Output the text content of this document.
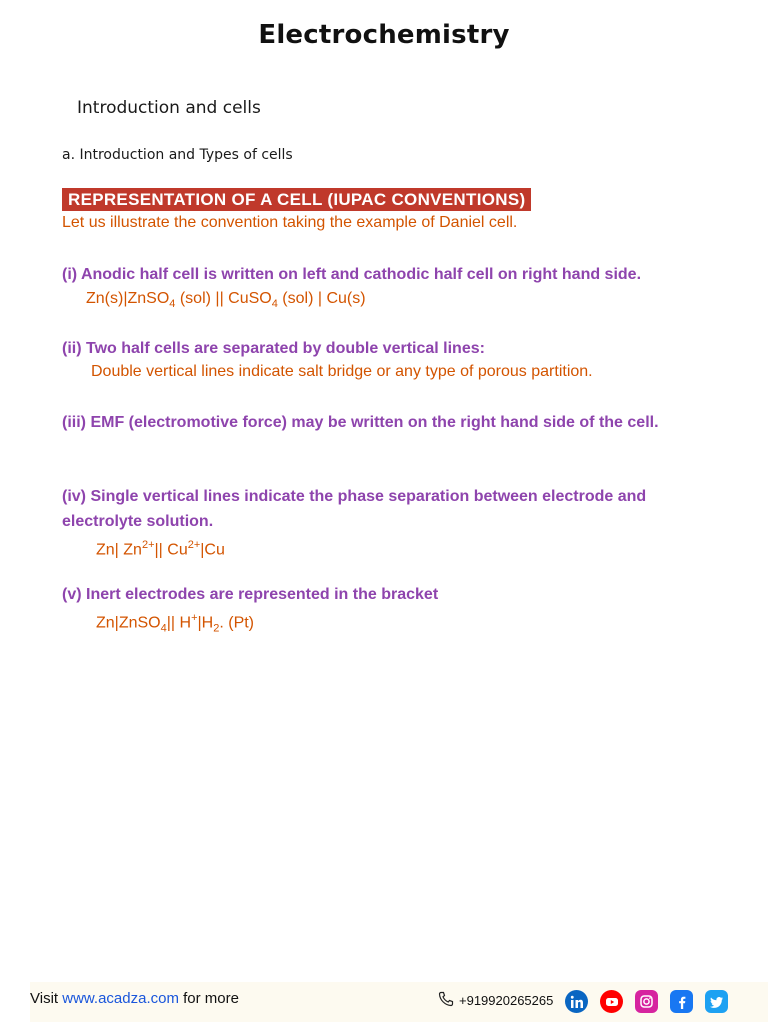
Electrochemistry
Introduction and cells
a. Introduction and Types of cells
REPRESENTATION OF A CELL (IUPAC CONVENTIONS)
Let us illustrate the convention taking the example of Daniel cell.
(i) Anodic half cell is written on left and cathodic half cell on right hand side.
Zn(s)|ZnSO$_4$ (sol) || CuSO$_4$ (sol) | Cu(s)
(ii) Two half cells are separated by double vertical lines:
Double vertical lines indicate salt bridge or any type of porous partition.
(iii) EMF (electromotive force) may be written on the right hand side of the cell.
(iv) Single vertical lines indicate the phase separation between electrode and electrolyte solution.
Zn| $Zn^{2+}||$ $Cu^{2+}|Cu$
(v) Inert electrodes are represented in the bracket
Zn|ZnSO$_4$|| $H^+|H_2$. (Pt)
Visit www.acadza.com for more	+919920265265
